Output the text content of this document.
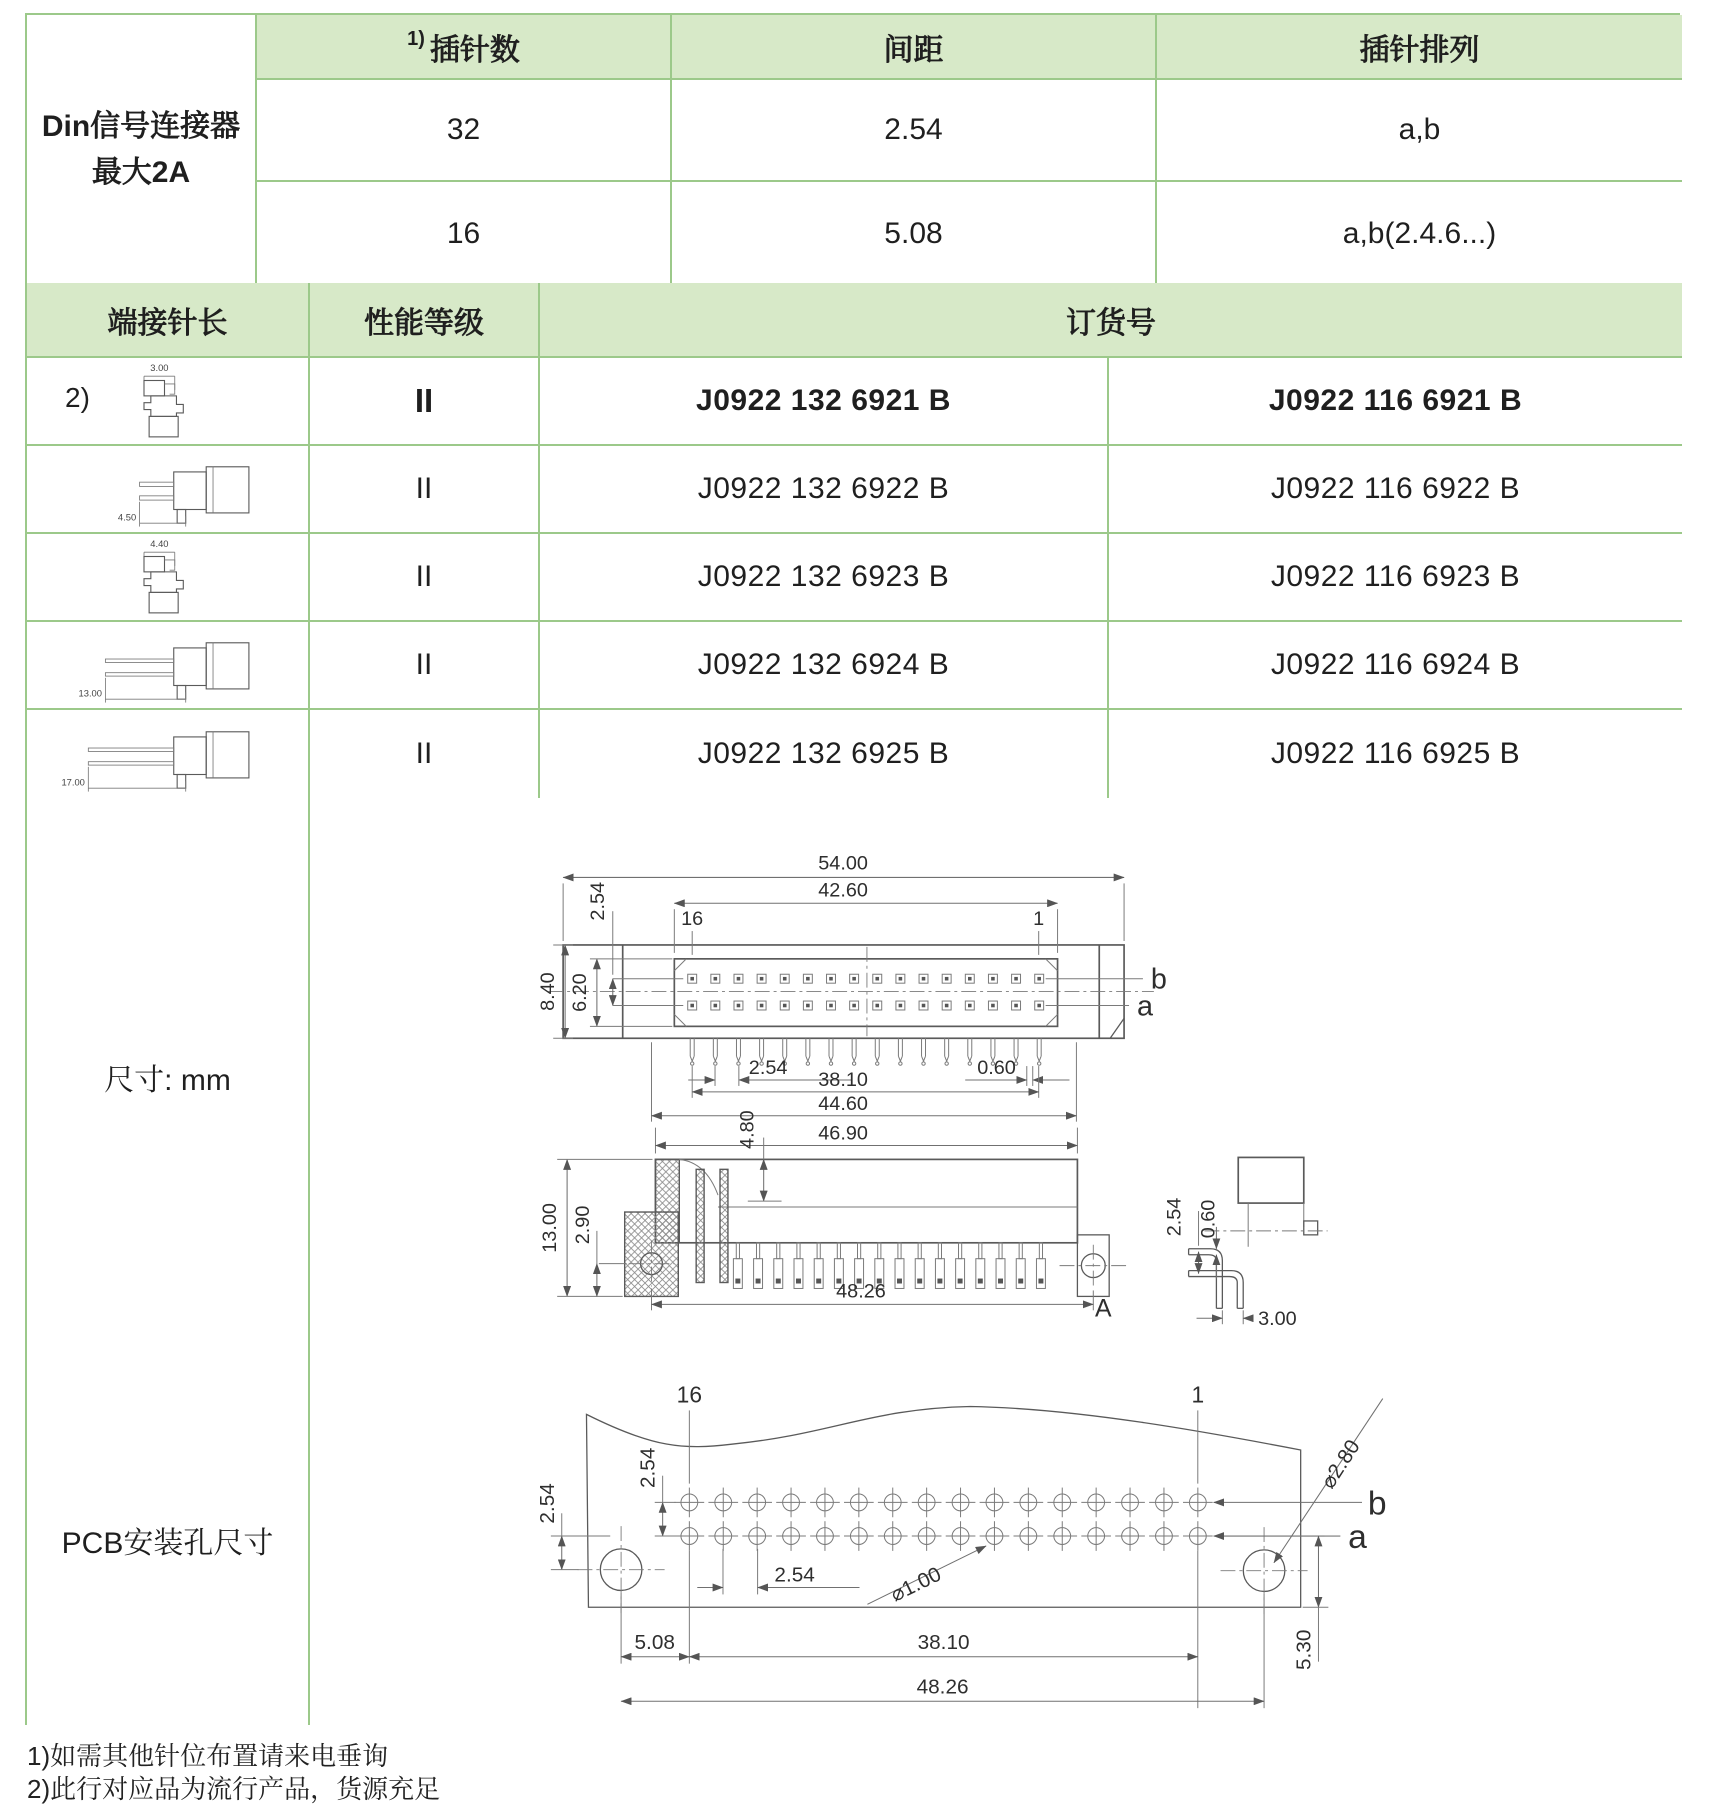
Din信号连接器
最大2A
1) 插针数	间距	插针排列
32	2.54	a,b
16	5.08	a,b(2.4.6...)
端接针长	性能等级	订货号
2)
3.00
II	J0922 132 6921 B	J0922 116 6921 B
4.50
II	J0922 132 6922 B	J0922 116 6922 B
4.40
II	J0922 132 6923 B	J0922 116 6923 B
13.00
II	J0922 132 6924 B	J0922 116 6924 B
17.00
II	J0922 132 6925 B	J0922 116 6925 B
尺寸: mm
b
a
16	1
54.00
42.60
2.54
8.40 6.20
2.54	0.60
38.10
44.60
46.90
A
4.80
13.00 2.90
48.26
2.54 0.60
3.00
PCB安装孔尺寸
16	1
2.54
2.54
2.54	⌀1.00
⌀2.80
b
a
5.08	38.10
48.26
5.30
1)如需其他针位布置请来电垂询
2)此行对应品为流行产品，货源充足
